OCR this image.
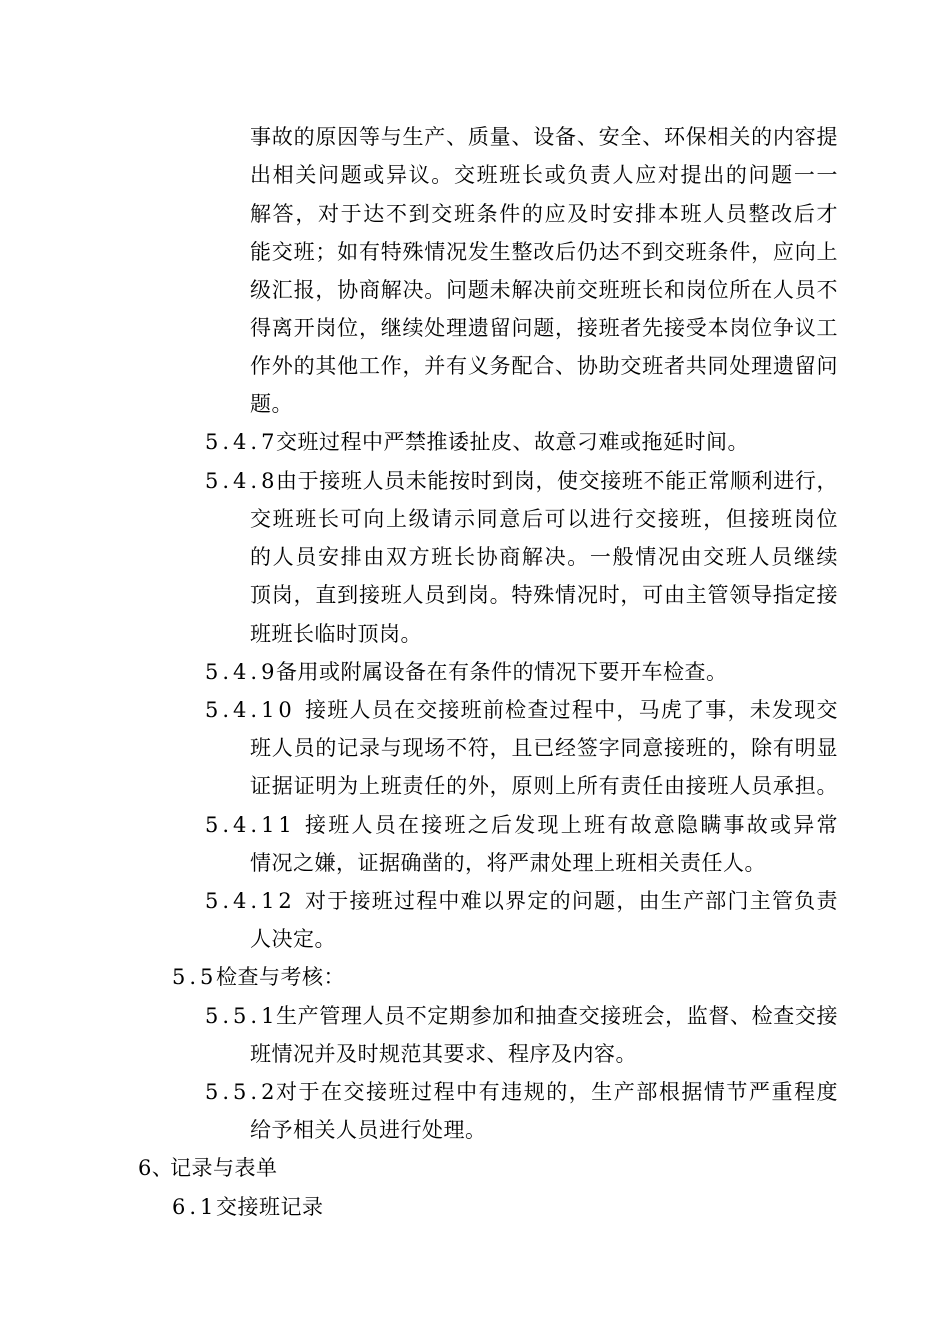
事故的原因等与生产、质量、设备、安全、环保相关的内容提
出相关问题或异议。交班班长或负责人应对提出的问题一一
解答，对于达不到交班条件的应及时安排本班人员整改后才
能交班；如有特殊情况发生整改后仍达不到交班条件，应向上
级汇报，协商解决。问题未解决前交班班长和岗位所在人员不
得离开岗位，继续处理遗留问题，接班者先接受本岗位争议工
作外的其他工作，并有义务配合、协助交班者共同处理遗留问
题。
5.4.7
交班过程中严禁推诿扯皮、故意刁难或拖延时间。
5.4.8
由于接班人员未能按时到岗，使交接班不能正常顺利进行，
交班班长可向上级请示同意后可以进行交接班，但接班岗位
的人员安排由双方班长协商解决。一般情况由交班人员继续
顶岗，直到接班人员到岗。特殊情况时，可由主管领导指定接
班班长临时顶岗。
5.4.9
备用或附属设备在有条件的情况下要开车检查。
5.4.10 接班人员在交接班前检查过程中，马虎了事，未发现交
班人员的记录与现场不符，且已经签字同意接班的，除有明显
证据证明为上班责任的外，原则上所有责任由接班人员承担。
5.4.11 接班人员在接班之后发现上班有故意隐瞒事故或异常
情况之嫌，证据确凿的，将严肃处理上班相关责任人。
5.4.12 对于接班过程中难以界定的问题，由生产部门主管负责
人决定。
5.5
检查与考核：
5.5.1
生产管理人员不定期参加和抽查交接班会，监督、检查交接
班情况并及时规范其要求、程序及内容。
5.5.2
对于在交接班过程中有违规的，生产部根据情节严重程度
给予相关人员进行处理。
6、
记录与表单
6.1
交接班记录
